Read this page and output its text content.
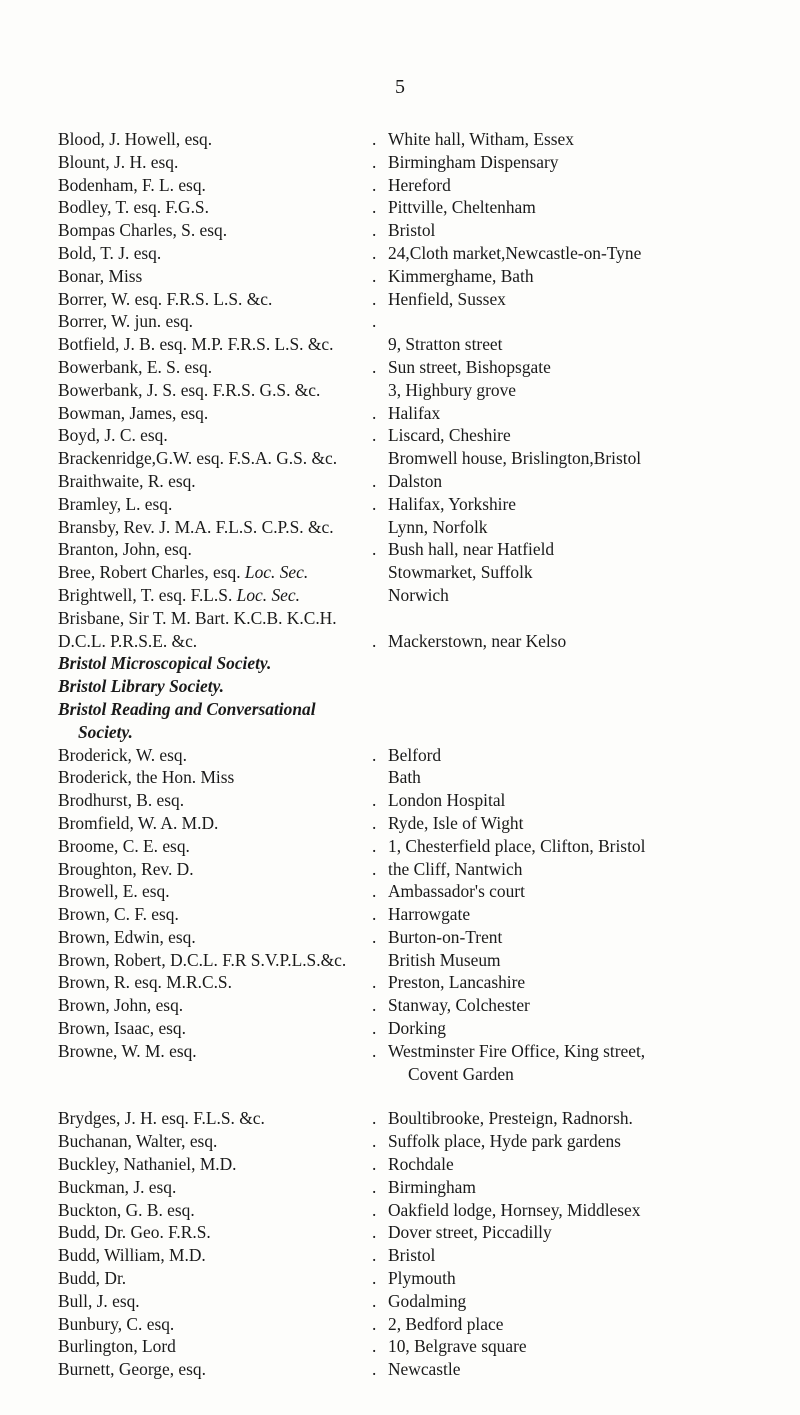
5
Blood, J. Howell, esq.	. White hall, Witham, Essex
Blount, J. H. esq.	. Birmingham Dispensary
Bodenham, F. L. esq.	. Hereford
Bodley, T. esq. F.G.S.	. Pittville, Cheltenham
Bompas Charles, S. esq.	. Bristol
Bold, T. J. esq.	. 24,Cloth market,Newcastle-on-Tyne
Bonar, Miss	. Kimmerghame, Bath
Borrer, W. esq. F.R.S. L.S. &c.	. Henfield, Sussex
Borrer, W. jun. esq.	.
Botfield, J. B. esq. M.P. F.R.S. L.S. &c.	9, Stratton street
Bowerbank, E. S. esq.	. Sun street, Bishopsgate
Bowerbank, J. S. esq. F.R.S. G.S. &c.	3, Highbury grove
Bowman, James, esq.	. Halifax
Boyd, J. C. esq.	. Liscard, Cheshire
Brackenridge,G.W. esq. F.S.A. G.S. &c.	Bromwell house, Brislington,Bristol
Braithwaite, R. esq.	. Dalston
Bramley, L. esq.	. Halifax, Yorkshire
Bransby, Rev. J. M.A. F.L.S. C.P.S. &c.	Lynn, Norfolk
Branton, John, esq.	. Bush hall, near Hatfield
Bree, Robert Charles, esq. Loc. Sec.	Stowmarket, Suffolk
Brightwell, T. esq. F.L.S. Loc. Sec.	Norwich
Brisbane, Sir T. M. Bart. K.C.B. K.C.H.
D.C.L. P.R.S.E. &c.	. Mackerstown, near Kelso
Bristol Microscopical Society.
Bristol Library Society.
Bristol Reading and Conversational
Society.
Broderick, W. esq.	. Belford
Broderick, the Hon. Miss	Bath
Brodhurst, B. esq.	. London Hospital
Bromfield, W. A. M.D.	. Ryde, Isle of Wight
Broome, C. E. esq.	. 1, Chesterfield place, Clifton, Bristol
Broughton, Rev. D.	. the Cliff, Nantwich
Browell, E. esq.	. Ambassador's court
Brown, C. F. esq.	. Harrowgate
Brown, Edwin, esq.	. Burton-on-Trent
Brown, Robert, D.C.L. F.R S.V.P.L.S.&c.	British Museum
Brown, R. esq. M.R.C.S.	. Preston, Lancashire
Brown, John, esq.	. Stanway, Colchester
Brown, Isaac, esq.	. Dorking
Browne, W. M. esq.	. Westminster Fire Office, King street,
Covent Garden
Brydges, J. H. esq. F.L.S. &c.	. Boultibrooke, Presteign, Radnorsh.
Buchanan, Walter, esq.	. Suffolk place, Hyde park gardens
Buckley, Nathaniel, M.D.	. Rochdale
Buckman, J. esq.	. Birmingham
Buckton, G. B. esq.	. Oakfield lodge, Hornsey, Middlesex
Budd, Dr. Geo. F.R.S.	. Dover street, Piccadilly
Budd, William, M.D.	. Bristol
Budd, Dr.	. Plymouth
Bull, J. esq.	. Godalming
Bunbury, C. esq.	. 2, Bedford place
Burlington, Lord	. 10, Belgrave square
Burnett, George, esq.	. Newcastle
